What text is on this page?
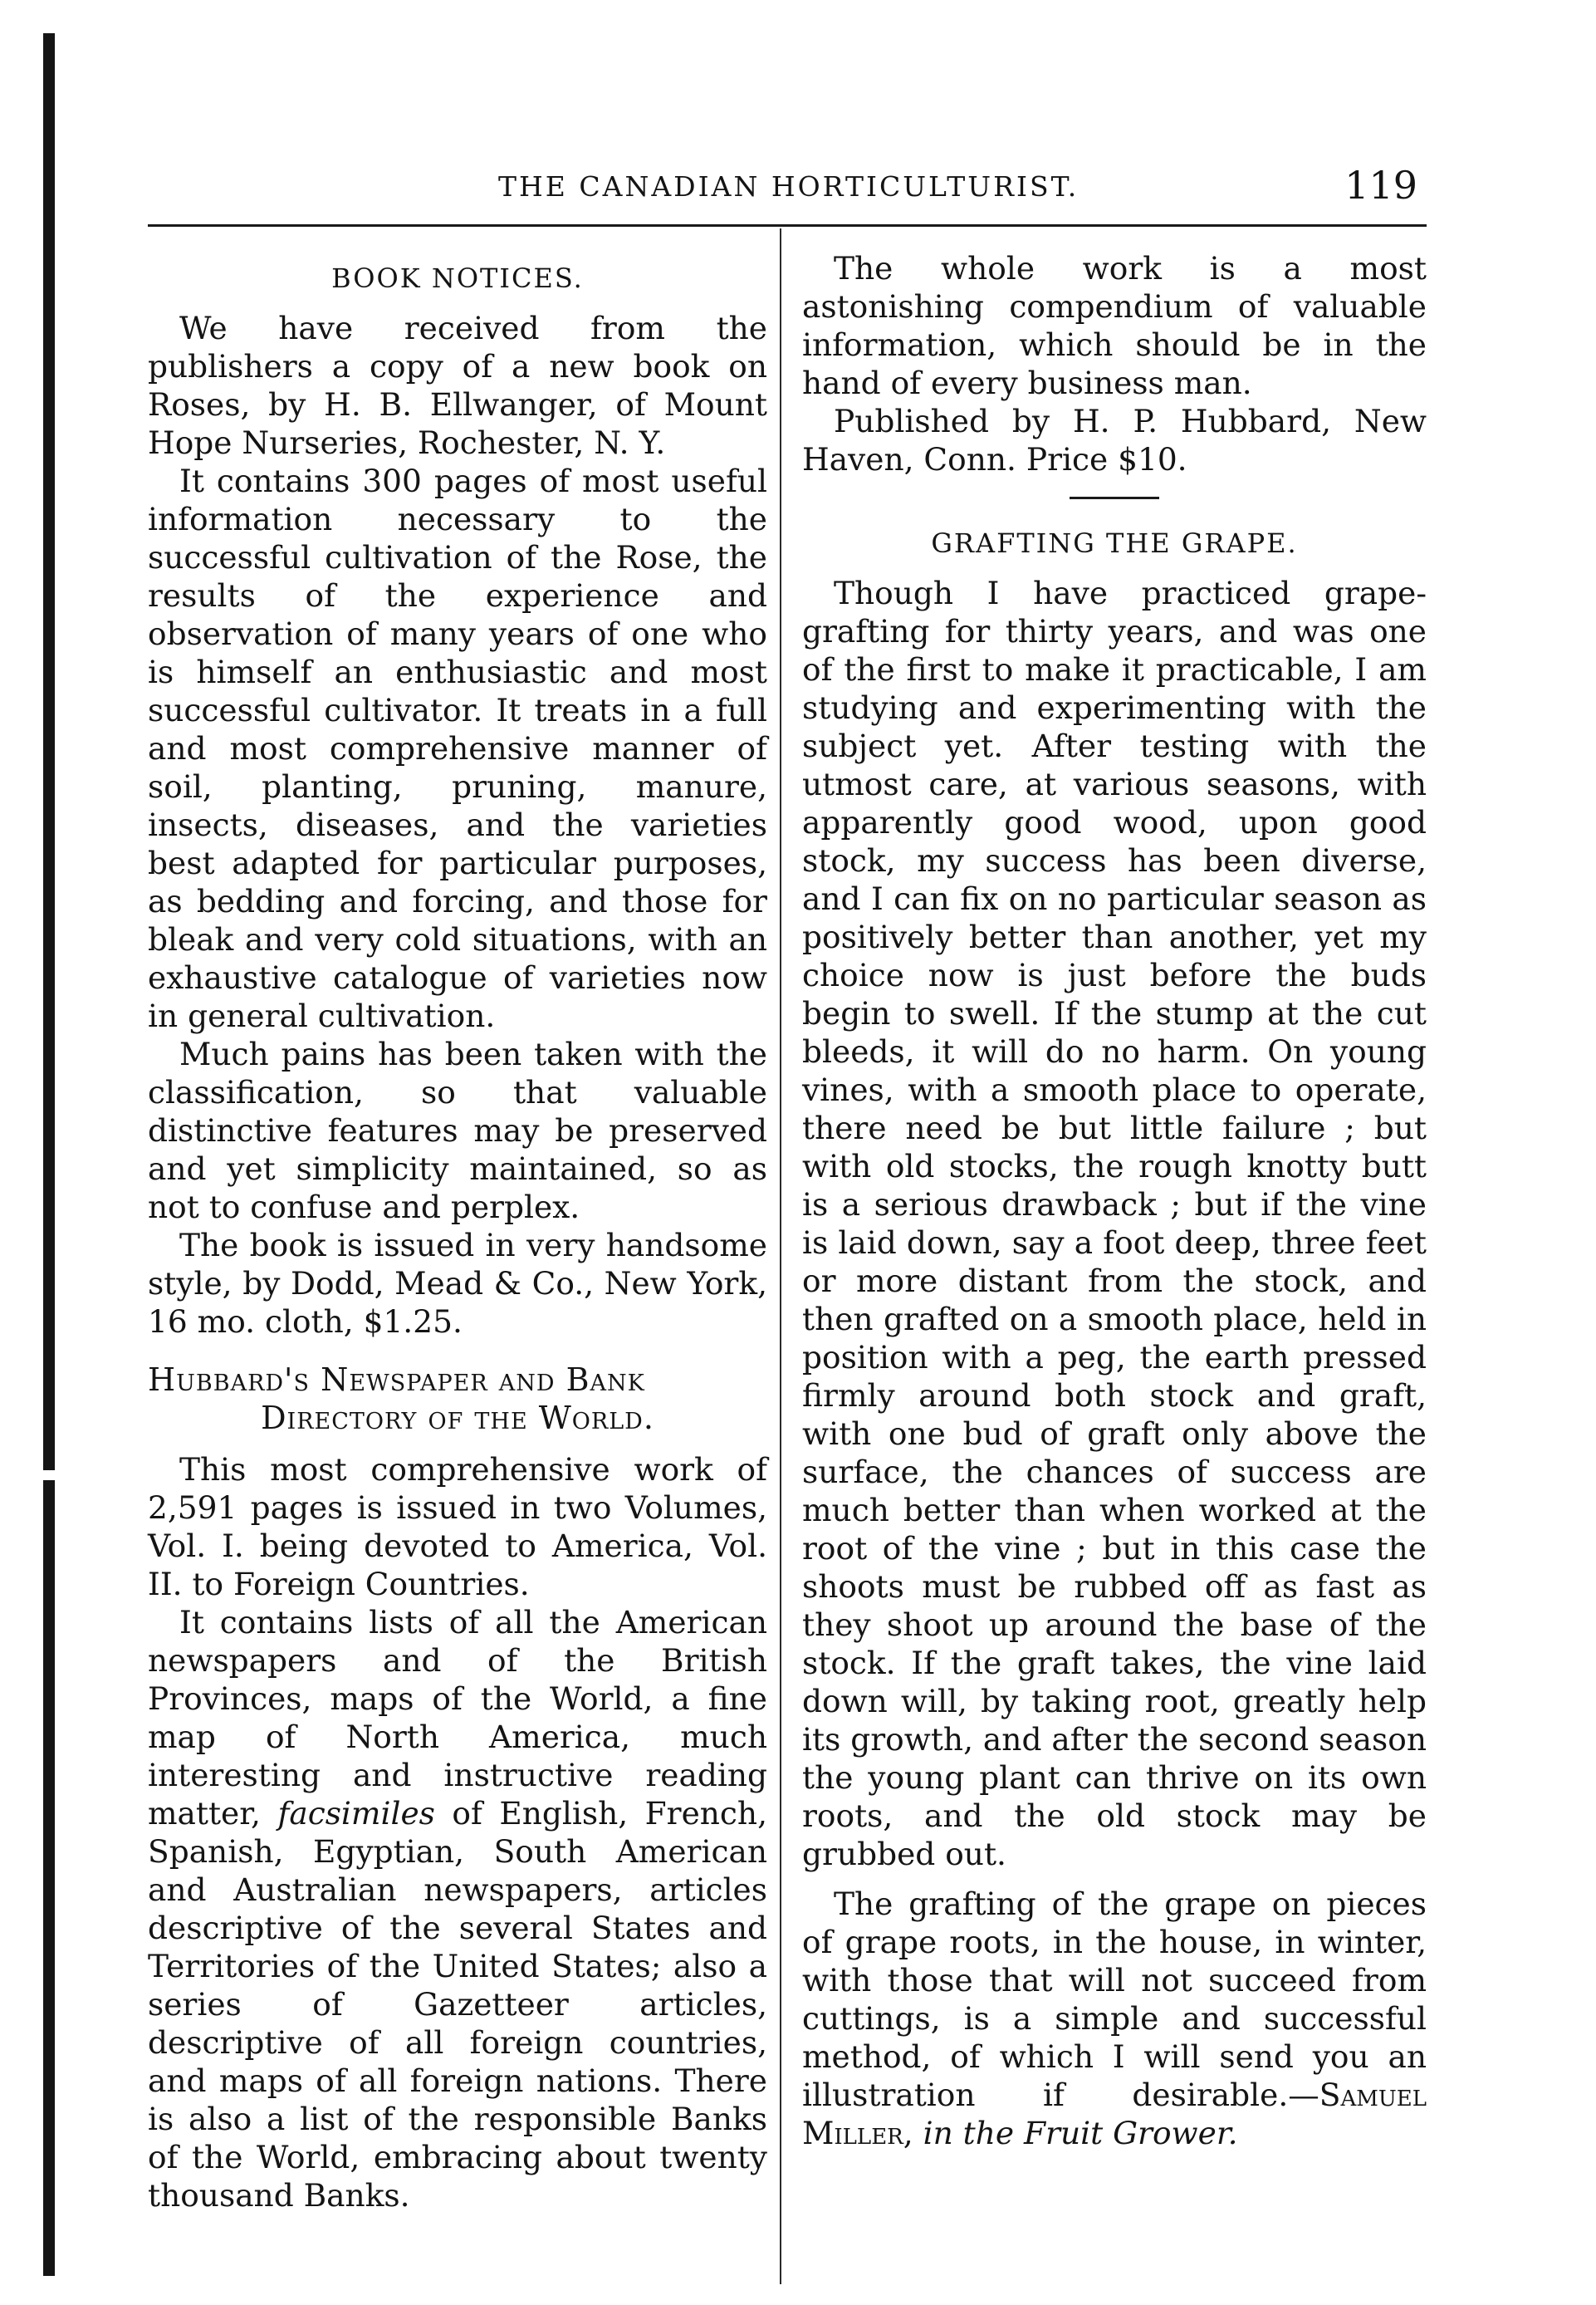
THE CANADIAN HORTICULTURIST.	119
BOOK NOTICES.

We have received from the publishers a copy of a new book on Roses, by H. B. Ellwanger, of Mount Hope Nurseries, Rochester, N. Y.

It contains 300 pages of most useful information necessary to the successful cultivation of the Rose, the results of the experience and observation of many years of one who is himself an enthusiastic and most successful cultivator. It treats in a full and most comprehensive manner of soil, planting, pruning, manure, insects, diseases, and the varieties best adapted for particular purposes, as bedding and forcing, and those for bleak and very cold situations, with an exhaustive catalogue of varieties now in general cultivation.

Much pains has been taken with the classification, so that valuable distinctive features may be preserved and yet simplicity maintained, so as not to confuse and perplex.

The book is issued in very handsome style, by Dodd, Mead & Co., New York, 16 mo. cloth, $1.25.

Hubbard's Newspaper and Bank
Directory of the World.

This most comprehensive work of 2,591 pages is issued in two Volumes, Vol. I. being devoted to America, Vol. II. to Foreign Countries.

It contains lists of all the American newspapers and of the British Provinces, maps of the World, a fine map of North America, much interesting and instructive reading matter, facsimiles of English, French, Spanish, Egyptian, South American and Australian newspapers, articles descriptive of the several States and Territories of the United States; also a series of Gazetteer articles, descriptive of all foreign countries, and maps of all foreign nations. There is also a list of the responsible Banks of the World, embracing about twenty thousand Banks.

The whole work is a most astonishing compendium of valuable information, which should be in the hand of every business man.

Published by H. P. Hubbard, New Haven, Conn. Price $10.

GRAFTING THE GRAPE.

Though I have practiced grape-grafting for thirty years, and was one of the first to make it practicable, I am studying and experimenting with the subject yet. After testing with the utmost care, at various seasons, with apparently good wood, upon good stock, my success has been diverse, and I can fix on no particular season as positively better than another, yet my choice now is just before the buds begin to swell. If the stump at the cut bleeds, it will do no harm. On young vines, with a smooth place to operate, there need be but little failure ; but with old stocks, the rough knotty butt is a serious drawback ; but if the vine is laid down, say a foot deep, three feet or more distant from the stock, and then grafted on a smooth place, held in position with a peg, the earth pressed firmly around both stock and graft, with one bud of graft only above the surface, the chances of success are much better than when worked at the root of the vine ; but in this case the shoots must be rubbed off as fast as they shoot up around the base of the stock. If the graft takes, the vine laid down will, by taking root, greatly help its growth, and after the second season the young plant can thrive on its own roots, and the old stock may be grubbed out.

The grafting of the grape on pieces of grape roots, in the house, in winter, with those that will not succeed from cuttings, is a simple and successful method, of which I will send you an illustration if desirable.—Samuel Miller, in the Fruit Grower.
